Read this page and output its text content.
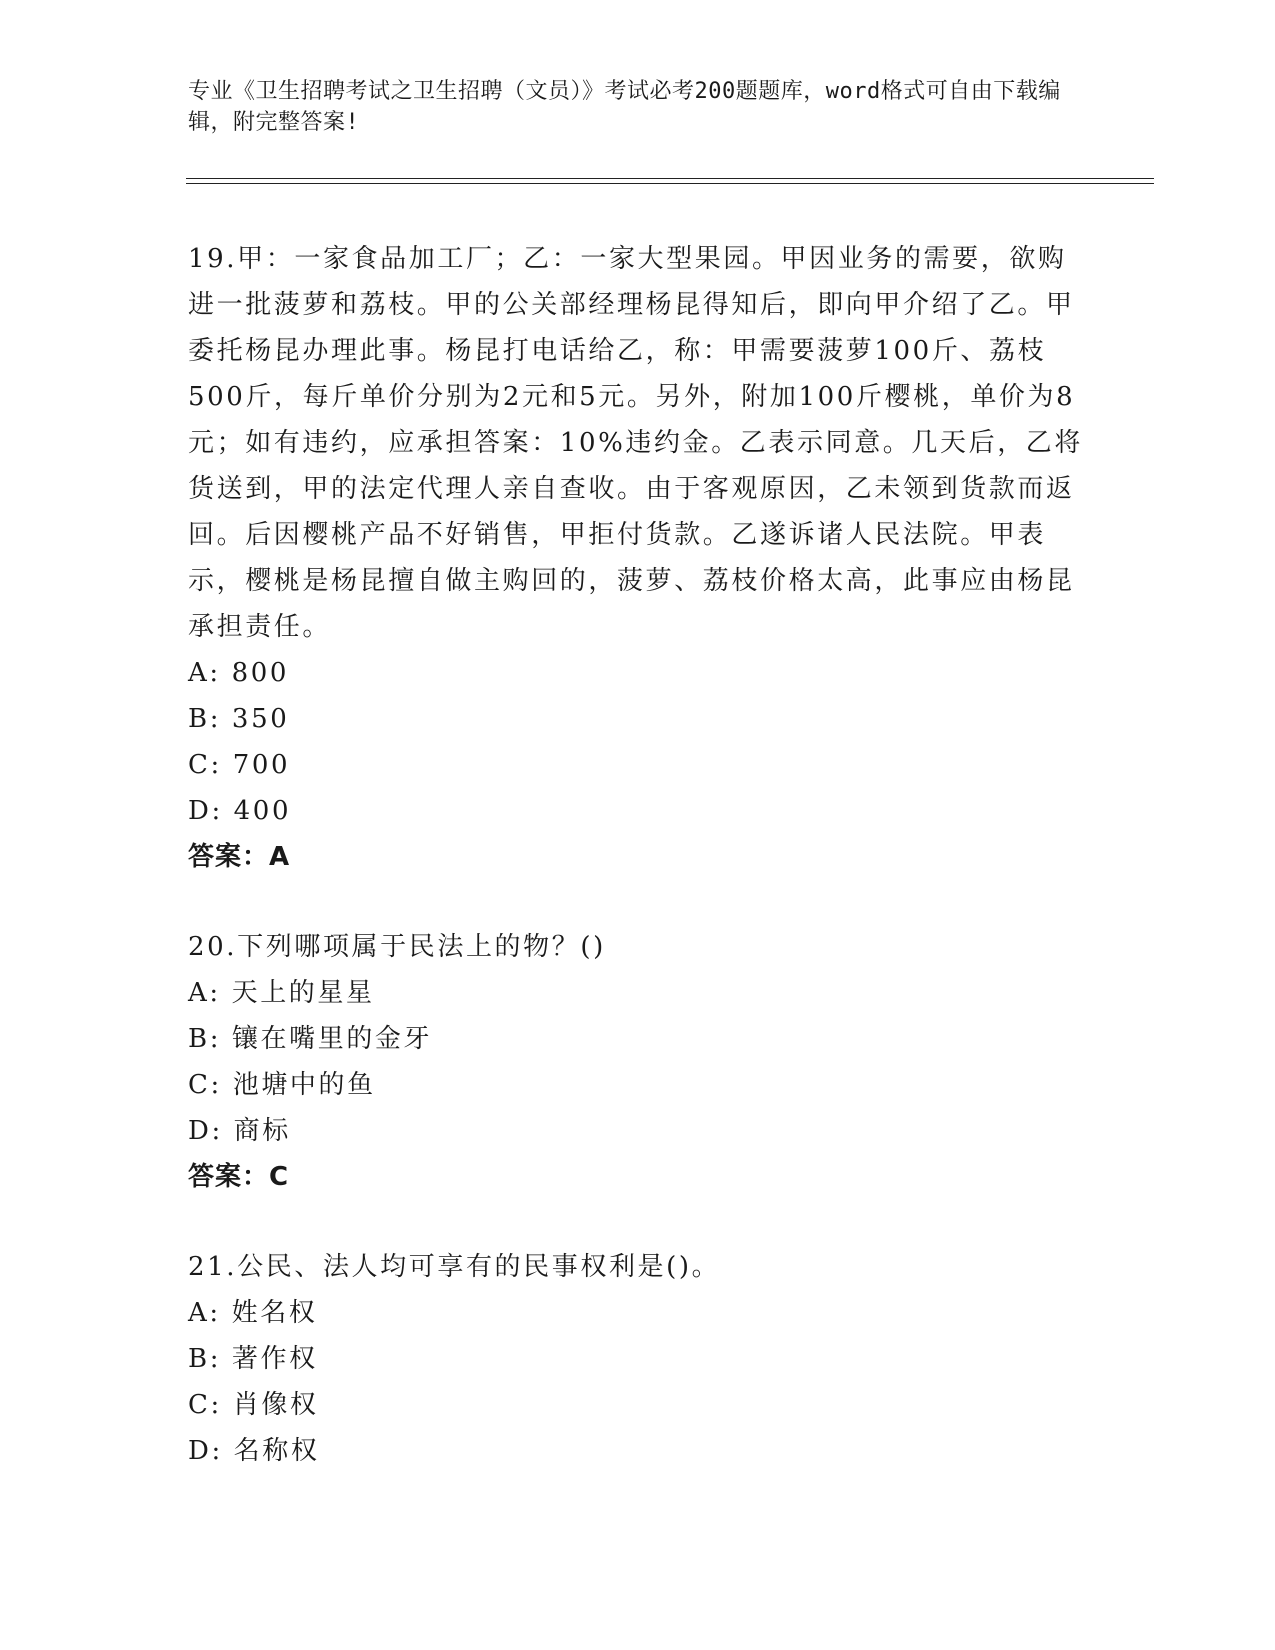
专业《卫生招聘考试之卫生招聘（文员）》考试必考200题题库，word格式可自由下载编辑，附完整答案!

19.甲：一家食品加工厂；乙：一家大型果园。甲因业务的需要，欲购进一批菠萝和荔枝。甲的公关部经理杨昆得知后，即向甲介绍了乙。甲委托杨昆办理此事。杨昆打电话给乙，称：甲需要菠萝100斤、荔枝500斤，每斤单价分别为2元和5元。另外，附加100斤樱桃，单价为8元；如有违约，应承担答案：10%违约金。乙表示同意。几天后，乙将货送到，甲的法定代理人亲自查收。由于客观原因，乙未领到货款而返回。后因樱桃产品不好销售，甲拒付货款。乙遂诉诸人民法院。甲表示，樱桃是杨昆擅自做主购回的，菠萝、荔枝价格太高，此事应由杨昆承担责任。

A: 800

B: 350

C: 700

D: 400

答案：A

20.下列哪项属于民法上的物？()

A: 天上的星星

B: 镶在嘴里的金牙

C: 池塘中的鱼

D: 商标

答案：C

21.公民、法人均可享有的民事权利是()。

A: 姓名权

B: 著作权

C: 肖像权

D: 名称权
